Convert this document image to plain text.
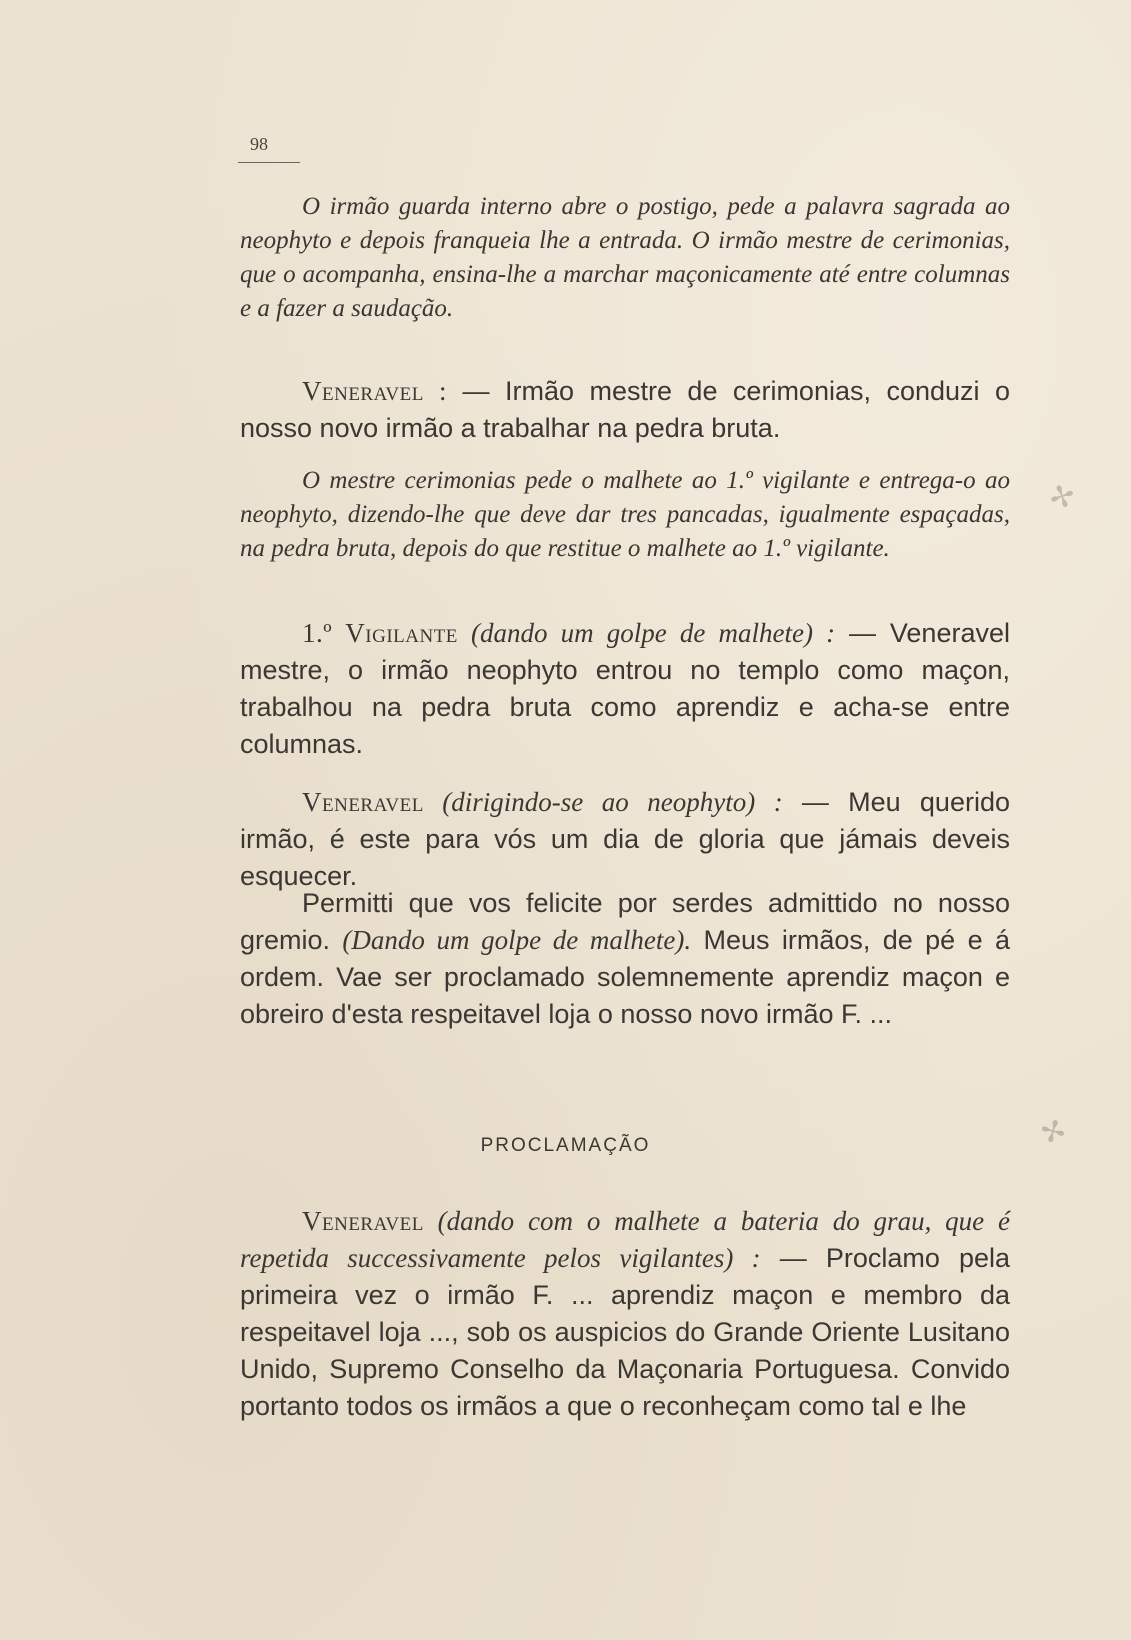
98

O irmão guarda interno abre o postigo, pede a palavra sagrada ao neophyto e depois franqueia lhe a entrada. O irmão mestre de cerimonias, que o acompanha, ensina-lhe a marchar maçonicamente até entre columnas e a fazer a saudação.

Veneravel : — Irmão mestre de cerimonias, conduzi o nosso novo irmão a trabalhar na pedra bruta.

O mestre cerimonias pede o malhete ao 1.º vigilante e entrega-o ao neophyto, dizendo-lhe que deve dar tres pancadas, igualmente espaçadas, na pedra bruta, depois do que restitue o malhete ao 1.º vigilante.

1.º Vigilante (dando um golpe de malhete) : — Veneravel mestre, o irmão neophyto entrou no templo como maçon, trabalhou na pedra bruta como aprendiz e acha-se entre columnas.

Veneravel (dirigindo-se ao neophyto) : — Meu querido irmão, é este para vós um dia de gloria que jámais deveis esquecer.

Permitti que vos felicite por serdes admittido no nosso gremio. (Dando um golpe de malhete). Meus irmãos, de pé e á ordem. Vae ser proclamado solemnemente aprendiz maçon e obreiro d'esta respeitavel loja o nosso novo irmão F. ...

PROCLAMAÇÃO

Veneravel (dando com o malhete a bateria do grau, que é repetida successivamente pelos vigilantes) : — Proclamo pela primeira vez o irmão F. ... aprendiz maçon e membro da respeitavel loja ..., sob os auspicios do Grande Oriente Lusitano Unido, Supremo Conselho da Maçonaria Portuguesa. Convido portanto todos os irmãos a que o reconheçam como tal e lhe

✢
✢
